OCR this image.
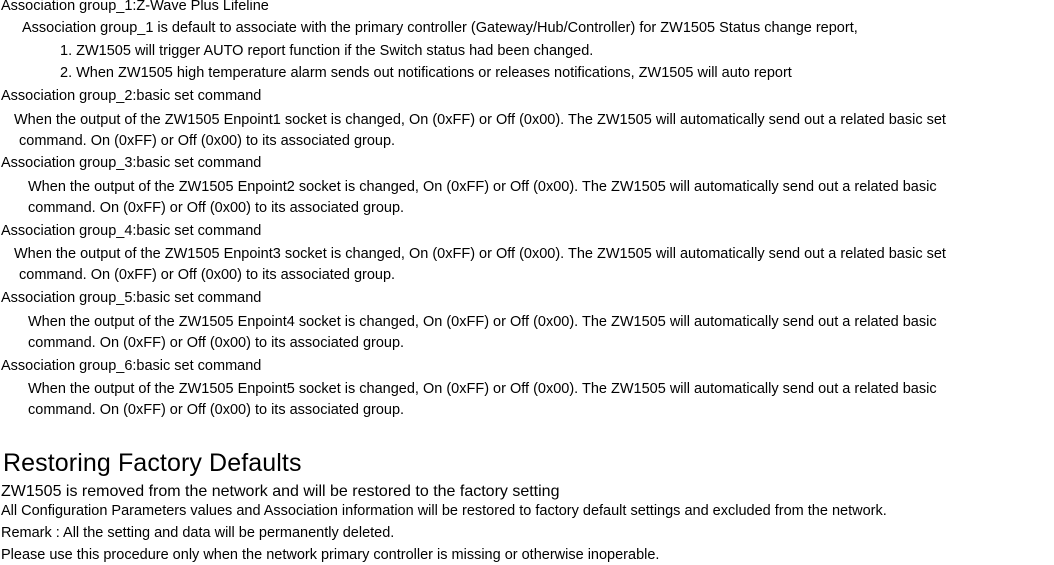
Association group_1:Z-Wave Plus Lifeline
Association group_1 is default to associate with the primary controller (Gateway/Hub/Controller) for ZW1505 Status change report,
1. ZW1505 will trigger AUTO report function if the Switch status had been changed.
2. When ZW1505 high temperature alarm sends out notifications or releases notifications, ZW1505 will auto report
Association group_2:basic set command
When the output of the ZW1505 Enpoint1 socket is changed, On (0xFF) or Off (0x00). The ZW1505 will automatically send out a related basic set
command. On (0xFF) or Off (0x00) to its associated group.
Association group_3:basic set command
When the output of the ZW1505 Enpoint2 socket is changed, On (0xFF) or Off (0x00). The ZW1505 will automatically send out a related basic
command. On (0xFF) or Off (0x00) to its associated group.
Association group_4:basic set command
When the output of the ZW1505 Enpoint3 socket is changed, On (0xFF) or Off (0x00). The ZW1505 will automatically send out a related basic set
command. On (0xFF) or Off (0x00) to its associated group.
Association group_5:basic set command
When the output of the ZW1505 Enpoint4 socket is changed, On (0xFF) or Off (0x00). The ZW1505 will automatically send out a related basic
command. On (0xFF) or Off (0x00) to its associated group.
Association group_6:basic set command
When the output of the ZW1505 Enpoint5 socket is changed, On (0xFF) or Off (0x00). The ZW1505 will automatically send out a related basic
command. On (0xFF) or Off (0x00) to its associated group.
Restoring Factory Defaults
ZW1505 is removed from the network and will be restored to the factory setting
All Configuration Parameters values and Association information will be restored to factory default settings and excluded from the network.
Remark : All the setting and data will be permanently deleted.
Please use this procedure only when the network primary controller is missing or otherwise inoperable.
